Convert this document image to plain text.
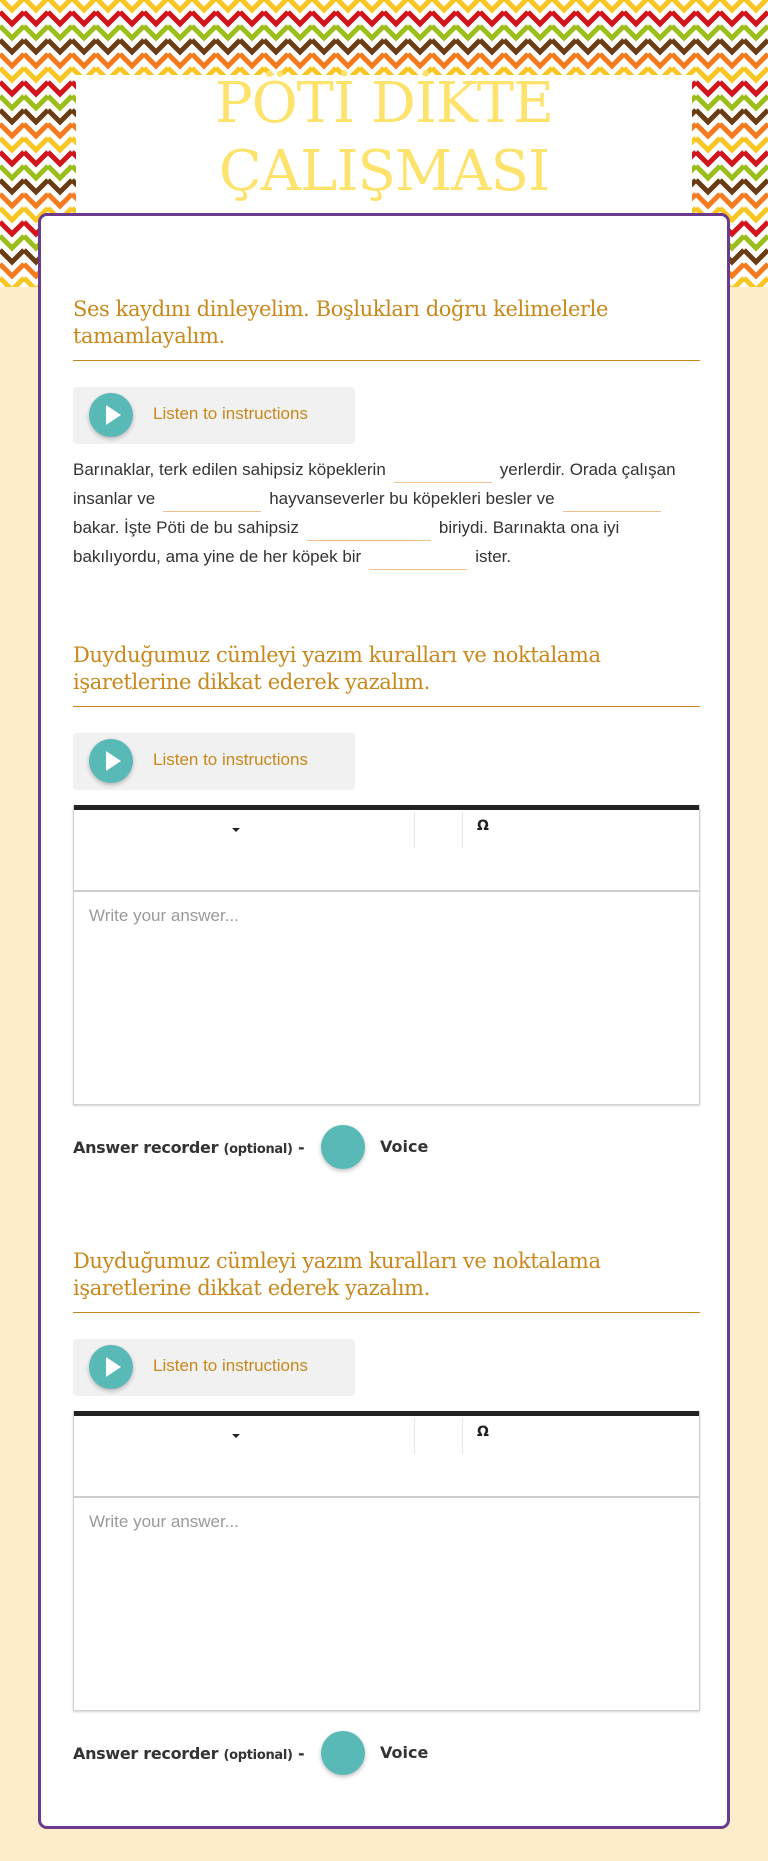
PÖTİ DİKTE
ÇALIŞMASI
Ses kaydını dinleyelim. Boşlukları doğru kelimelerle tamamlayalım.
Listen to instructions
Barınaklar, terk edilen sahipsiz köpeklerin	yerlerdir. Orada çalışan insanlar ve	hayvanseverler bu köpekleri besler vebakar. İşte Pöti de bu sahipsiz	biriydi. Barınakta ona iyi bakılıyordu, ama yine de her köpek bir	ister.
Duyduğumuz cümleyi yazım kuralları ve noktalama işaretlerine dikkat ederek yazalım.
Listen to instructions
Ω
Write your answer...
Answer recorder (optional) -	Voice
Duyduğumuz cümleyi yazım kuralları ve noktalama işaretlerine dikkat ederek yazalım.
Listen to instructions
Ω
Write your answer...
Answer recorder (optional) -	Voice
